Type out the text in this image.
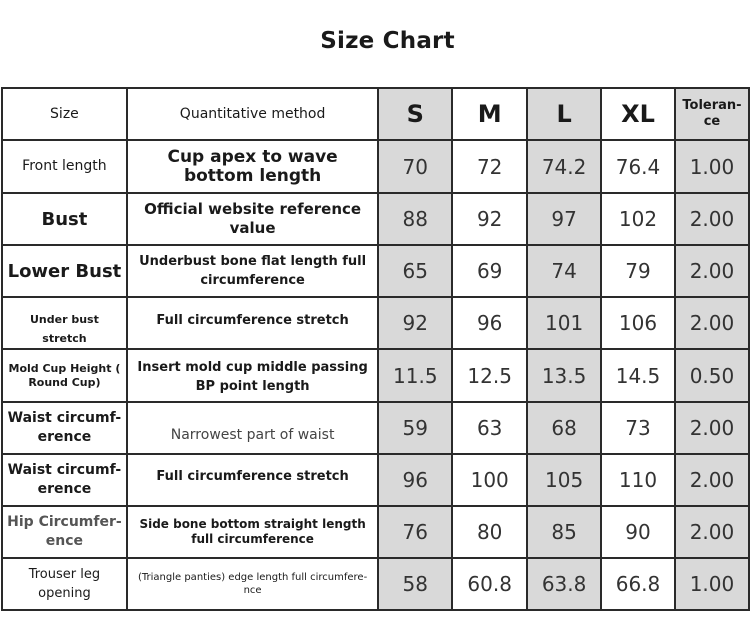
Size Chart
Size	Quantitative method	S	M	L	XL	Toleran-ce
Front length	Cup apex to wave bottom length	70	72	74.2	76.4	1.00
Bust	Official website reference value	88	92	97	102	2.00
Lower Bust	Underbust bone flat length full circumference	65	69	74	79	2.00
Under bust stretch	Full circumference stretch	92	96	101	106	2.00
Mold Cup Height ( Round Cup)	Insert mold cup middle passing BP point length	11.5	12.5	13.5	14.5	0.50
Waist circumf-erence	Narrowest part of waist	59	63	68	73	2.00
Waist circumf-erence	Full circumference stretch	96	100	105	110	2.00
Hip Circumfer-ence	Side bone bottom straight length full circumference	76	80	85	90	2.00
Trouser leg opening	(Triangle panties) edge length full circumfere-nce	58	60.8	63.8	66.8	1.00
